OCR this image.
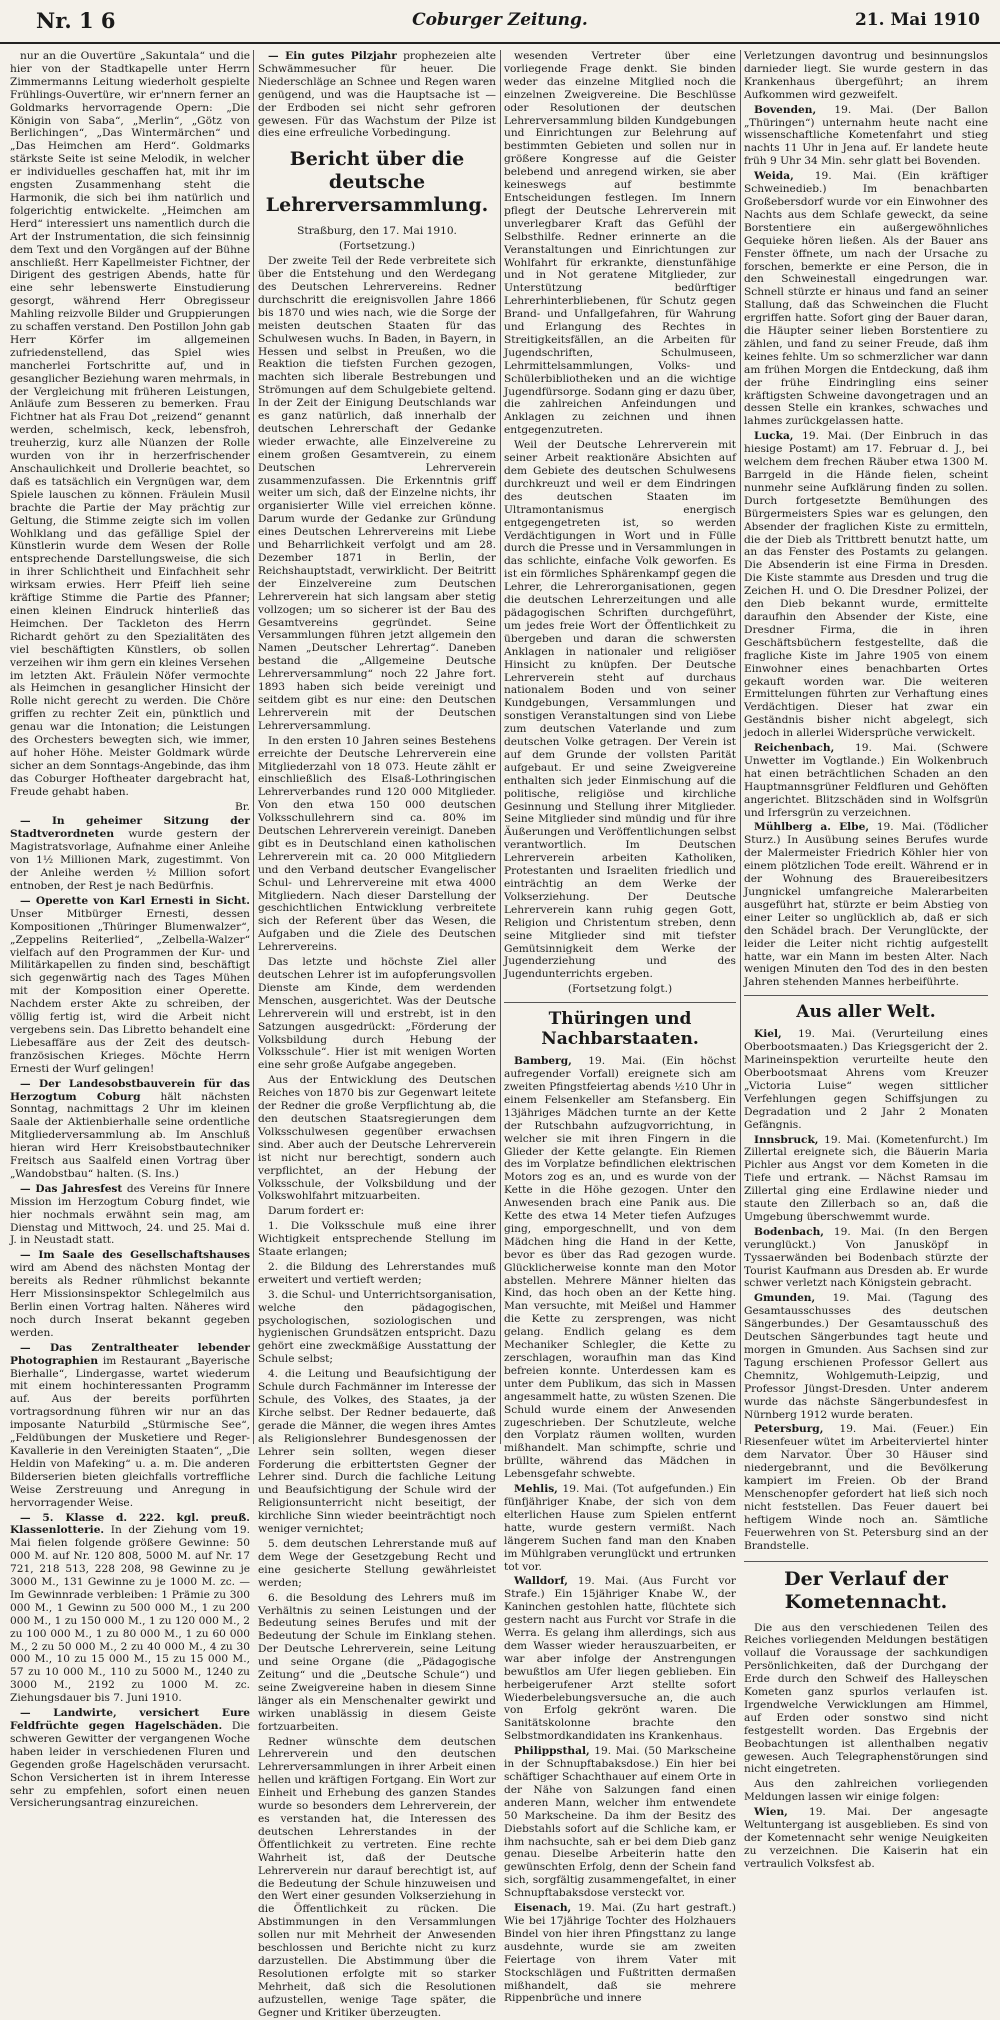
Nr. 1 6	Coburger Zeitung.	21. Mai 1910

nur an die Ouvertüre „Sakuntala“ und die hier von der Stadtkapelle unter Herrn Zimmermanns Leitung wiederholt gespielte Frühlings-Ouvertüre, wir er'nnern ferner an Goldmarks hervorragende Opern: „Die Königin von Saba“, „Merlin“, „Götz von Berlichingen“, „Das Wintermärchen“ und „Das Heimchen am Herd“. Goldmarks stärkste Seite ist seine Melodik, in welcher er individuelles geschaffen hat, mit ihr im engsten Zusammenhang steht die Harmonik, die sich bei ihm natürlich und folgerichtig entwickelte. „Heimchen am Herd“ interessiert uns namentlich durch die Art der Instrumentation, die sich feinsinnig dem Text und den Vorgängen auf der Bühne anschließt. Herr Kapellmeister Fichtner, der Dirigent des gestrigen Abends, hatte für eine sehr lebenswerte Einstudierung gesorgt, während Herr Obregisseur Mahling reizvolle Bilder und Gruppierungen zu schaffen verstand. Den Postillon John gab Herr Körfer im allgemeinen zufriedenstellend, das Spiel wies mancherlei Fortschritte auf, und in gesanglicher Beziehung waren mehrmals, in der Vergleichung mit früheren Leistungen, Anläufe zum Besseren zu bemerken. Frau Fichtner hat als Frau Dot „reizend“ genannt werden, schelmisch, keck, lebensfroh, treuherzig, kurz alle Nüanzen der Rolle wurden von ihr in herzerfrischender Anschaulichkeit und Drollerie beachtet, so daß es tatsächlich ein Vergnügen war, dem Spiele lauschen zu können. Fräulein Musil brachte die Partie der May prächtig zur Geltung, die Stimme zeigte sich im vollen Wohlklang und das gefällige Spiel der Künstlerin wurde dem Wesen der Rolle entsprechende Darstellungsweise, die sich in ihrer Schlichtheit und Einfachheit sehr wirksam erwies. Herr Pfeiff lieh seine kräftige Stimme die Partie des Pfanner; einen kleinen Eindruck hinterließ das Heimchen. Der Tackleton des Herrn Richardt gehört zu den Spezialitäten des viel beschäftigten Künstlers, ob sollen verzeihen wir ihm gern ein kleines Versehen im letzten Akt. Fräulein Nöfer vermochte als Heimchen in gesanglicher Hinsicht der Rolle nicht gerecht zu werden. Die Chöre griffen zu rechter Zeit ein, pünktlich und genau war die Intonation; die Leistungen des Orchesters bewegten sich, wie immer, auf hoher Höhe. Meister Goldmark würde sicher an dem Sonntags-Angebinde, das ihm das Coburger Hoftheater dargebracht hat, Freude gehabt haben.

Br.

— In geheimer Sitzung der Stadtverordneten wurde gestern der Magistratsvorlage, Aufnahme einer Anleihe von 1½ Millionen Mark, zugestimmt. Von der Anleihe werden ½ Million sofort entnoben, der Rest je nach Bedürfnis.

— Operette von Karl Ernesti in Sicht. Unser Mitbürger Ernesti, dessen Kompositionen „Thüringer Blumenwalzer“, „Zeppelins Reiterlied“, „Zelbella-Walzer“ vielfach auf den Programmen der Kur- und Militärkapellen zu finden sind, beschäftigt sich gegenwärtig nach des Tages Mühen mit der Komposition einer Operette. Nachdem erster Akte zu schreiben, der völlig fertig ist, wird die Arbeit nicht vergebens sein. Das Libretto behandelt eine Liebesaffäre aus der Zeit des deutsch-französischen Krieges. Möchte Herrn Ernesti der Wurf gelingen!

— Der Landesobstbauverein für das Herzogtum Coburg hält nächsten Sonntag, nachmittags 2 Uhr im kleinen Saale der Aktienbierhalle seine ordentliche Mitgliederversammlung ab. Im Anschluß hieran wird Herr Kreisobstbautechniker Freitsch aus Saalfeld einen Vortrag über „Wandobstbau“ halten. (S. Ins.)

— Das Jahresfest des Vereins für Innere Mission im Herzogtum Coburg findet, wie hier nochmals erwähnt sein mag, am Dienstag und Mittwoch, 24. und 25. Mai d. J. in Neustadt statt.

— Im Saale des Gesellschaftshauses wird am Abend des nächsten Montag der bereits als Redner rühmlichst bekannte Herr Missionsinspektor Schlegelmilch aus Berlin einen Vortrag halten. Näheres wird noch durch Inserat bekannt gegeben werden.

— Das Zentraltheater lebender Photographien im Restaurant „Bayerische Bierhalle“, Lindergasse, wartet wiederum mit einem hochinteressanten Programm auf. Aus der bereits porführten vortragsordnung führen wir nur an das imposante Naturbild „Stürmische See“, „Feldübungen der Musketiere und Reger-Kavallerie in den Vereinigten Staaten“, „Die Heldin von Mafeking“ u. a. m. Die anderen Bilderserien bieten gleichfalls vortreffliche Weise Zerstreuung und Anregung in hervorragender Weise.

— 5. Klasse d. 222. kgl. preuß. Klassenlotterie. In der Ziehung vom 19. Mai fielen folgende größere Gewinne: 50 000 M. auf Nr. 120 808, 5000 M. auf Nr. 17 721, 218 513, 228 208, 98 Gewinne zu je 3000 M., 131 Gewinne zu je 1000 M. zc. — Im Gewinnrade verbleiben: 1 Prämie zu 300 000 M., 1 Gewinn zu 500 000 M., 1 zu 200 000 M., 1 zu 150 000 M., 1 zu 120 000 M., 2 zu 100 000 M., 1 zu 80 000 M., 1 zu 60 000 M., 2 zu 50 000 M., 2 zu 40 000 M., 4 zu 30 000 M., 10 zu 15 000 M., 15 zu 15 000 M., 57 zu 10 000 M., 110 zu 5000 M., 1240 zu 3000 M., 2192 zu 1000 M. zc. Ziehungsdauer bis 7. Juni 1910.

— Landwirte, versichert Eure Feldfrüchte gegen Hagelschäden. Die schweren Gewitter der vergangenen Woche haben leider in verschiedenen Fluren und Gegenden große Hagelschäden verursacht. Schon Versicherten ist in ihrem Interesse sehr zu empfehlen, sofort einen neuen Versicherungsantrag einzureichen.

— Ein gutes Pilzjahr prophezeien alte Schwämmesucher für heuer. Die Niederschläge an Schnee und Regen waren genügend, und was die Hauptsache ist — der Erdboden sei nicht sehr gefroren gewesen. Für das Wachstum der Pilze ist dies eine erfreuliche Vorbedingung.

Bericht über die deutsche Lehrerversammlung.

Straßburg, den 17. Mai 1910.

(Fortsetzung.)

Der zweite Teil der Rede verbreitete sich über die Entstehung und den Werdegang des Deutschen Lehrervereins. Redner durchschritt die ereignisvollen Jahre 1866 bis 1870 und wies nach, wie die Sorge der meisten deutschen Staaten für das Schulwesen wuchs. In Baden, in Bayern, in Hessen und selbst in Preußen, wo die Reaktion die tiefsten Furchen gezogen, machten sich liberale Bestrebungen und Strömungen auf dem Schulgebiete geltend. In der Zeit der Einigung Deutschlands war es ganz natürlich, daß innerhalb der deutschen Lehrerschaft der Gedanke wieder erwachte, alle Einzelvereine zu einem großen Gesamtverein, zu einem Deutschen Lehrerverein zusammenzufassen. Die Erkenntnis griff weiter um sich, daß der Einzelne nichts, ihr organisierter Wille viel erreichen könne. Darum wurde der Gedanke zur Gründung eines Deutschen Lehrervereins mit Liebe und Beharrlichkeit verfolgt und am 28. Dezember 1871 in Berlin, der Reichshauptstadt, verwirklicht. Der Beitritt der Einzelvereine zum Deutschen Lehrerverein hat sich langsam aber stetig vollzogen; um so sicherer ist der Bau des Gesamtvereins gegründet. Seine Versammlungen führen jetzt allgemein den Namen „Deutscher Lehrertag“. Daneben bestand die „Allgemeine Deutsche Lehrerversammlung“ noch 22 Jahre fort. 1893 haben sich beide vereinigt und seitdem gibt es nur eine: den Deutschen Lehrerverein mit der Deutschen Lehrerversammlung.

In den ersten 10 Jahren seines Bestehens erreichte der Deutsche Lehrerverein eine Mitgliederzahl von 18 073. Heute zählt er einschließlich des Elsaß-Lothringischen Lehrerverbandes rund 120 000 Mitglieder. Von den etwa 150 000 deutschen Volksschullehrern sind ca. 80% im Deutschen Lehrerverein vereinigt. Daneben gibt es in Deutschland einen katholischen Lehrerverein mit ca. 20 000 Mitgliedern und den Verband deutscher Evangelischer Schul- und Lehrervereine mit etwa 4000 Mitgliedern. Nach dieser Darstellung der geschichtlichen Entwicklung verbreitete sich der Referent über das Wesen, die Aufgaben und die Ziele des Deutschen Lehrervereins.

Das letzte und höchste Ziel aller deutschen Lehrer ist im aufopferungsvollen Dienste am Kinde, dem werdenden Menschen, ausgerichtet. Was der Deutsche Lehrerverein will und erstrebt, ist in den Satzungen ausgedrückt: „Förderung der Volksbildung durch Hebung der Volksschule“. Hier ist mit wenigen Worten eine sehr große Aufgabe angegeben.

Aus der Entwicklung des Deutschen Reiches von 1870 bis zur Gegenwart leitete der Redner die große Verpflichtung ab, die den deutschen Staatsregierungen dem Volksschulwesen gegenüber erwachsen sind. Aber auch der Deutsche Lehrerverein ist nicht nur berechtigt, sondern auch verpflichtet, an der Hebung der Volksschule, der Volksbildung und der Volkswohlfahrt mitzuarbeiten.

Darum fordert er:

1. Die Volksschule muß eine ihrer Wichtigkeit entsprechende Stellung im Staate erlangen;

2. die Bildung des Lehrerstandes muß erweitert und vertieft werden;

3. die Schul- und Unterrichtsorganisation, welche den pädagogischen, psychologischen, soziologischen und hygienischen Grundsätzen entspricht. Dazu gehört eine zweckmäßige Ausstattung der Schule selbst;

4. die Leitung und Beaufsichtigung der Schule durch Fachmänner im Interesse der Schule, des Volkes, des Staates, ja der Kirche selbst. Der Redner bedauerte, daß gerade die Männer, die wegen ihres Amtes als Religionslehrer Bundesgenossen der Lehrer sein sollten, wegen dieser Forderung die erbittertsten Gegner der Lehrer sind. Durch die fachliche Leitung und Beaufsichtigung der Schule wird der Religionsunterricht nicht beseitigt, der kirchliche Sinn wieder beeinträchtigt noch weniger vernichtet;

5. dem deutschen Lehrerstande muß auf dem Wege der Gesetzgebung Recht und eine gesicherte Stellung gewährleistet werden;

6. die Besoldung des Lehrers muß im Verhältnis zu seinen Leistungen und der Bedeutung seines Berufes und mit der Bedeutung der Schule im Einklang stehen. Der Deutsche Lehrerverein, seine Leitung und seine Organe (die „Pädagogische Zeitung“ und die „Deutsche Schule“) und seine Zweigvereine haben in diesem Sinne länger als ein Menschenalter gewirkt und wirken unablässig in diesem Geiste fortzuarbeiten.

Redner wünschte dem deutschen Lehrerverein und den deutschen Lehrerversammlungen in ihrer Arbeit einen hellen und kräftigen Fortgang. Ein Wort zur Einheit und Erhebung des ganzen Standes wurde so besonders dem Lehrerverein, der es verstanden hat, die Interessen des deutschen Lehrerstandes in der Öffentlichkeit zu vertreten. Eine rechte Wahrheit ist, daß der Deutsche Lehrerverein nur darauf berechtigt ist, auf die Bedeutung der Schule hinzuweisen und den Wert einer gesunden Volkserziehung in die Öffentlichkeit zu rücken. Die Abstimmungen in den Versammlungen sollen nur mit Mehrheit der Anwesenden beschlossen und Berichte nicht zu kurz darzustellen. Die Abstimmung über die Resolutionen erfolgte mit so starker Mehrheit, daß sich die Resolutionen aufzustellen, wenige Tage später, die Gegner und Kritiker überzeugten.

wesenden Vertreter über eine vorliegende Frage denkt. Sie binden weder das einzelne Mitglied noch die einzelnen Zweigvereine. Die Beschlüsse oder Resolutionen der deutschen Lehrerversammlung bilden Kundgebungen und Einrichtungen zur Belehrung auf bestimmten Gebieten und sollen nur in größere Kongresse auf die Geister belebend und anregend wirken, sie aber keineswegs auf bestimmte Entscheidungen festlegen. Im Innern pflegt der Deutsche Lehrerverein mit unverlegbarer Kraft das Gefühl der Selbsthilfe. Redner erinnerte an die Veranstaltungen und Einrichtungen zur Wohlfahrt für erkrankte, dienstunfähige und in Not geratene Mitglieder, zur Unterstützung bedürftiger Lehrerhinterbliebenen, für Schutz gegen Brand- und Unfallgefahren, für Wahrung und Erlangung des Rechtes in Streitigkeitsfällen, an die Arbeiten für Jugendschriften, Schulmuseen, Lehrmittelsammlungen, Volks- und Schülerbibliotheken und an die wichtige Jugendfürsorge. Sodann ging er dazu über, die zahlreichen Anfeindungen und Anklagen zu zeichnen und ihnen entgegenzutreten.

Weil der Deutsche Lehrerverein mit seiner Arbeit reaktionäre Absichten auf dem Gebiete des deutschen Schulwesens durchkreuzt und weil er dem Eindringen des deutschen Staaten im Ultramontanismus energisch entgegengetreten ist, so werden Verdächtigungen in Wort und in Fülle durch die Presse und in Versammlungen in das schlichte, einfache Volk geworfen. Es ist ein förmliches Sphärenkampf gegen die Lehrer, die Lehrerorganisationen, gegen die deutschen Lehrerzeitungen und alle pädagogischen Schriften durchgeführt, um jedes freie Wort der Öffentlichkeit zu übergeben und daran die schwersten Anklagen in nationaler und religiöser Hinsicht zu knüpfen. Der Deutsche Lehrerverein steht auf durchaus nationalem Boden und von seiner Kundgebungen, Versammlungen und sonstigen Veranstaltungen sind von Liebe zum deutschen Vaterlande und zum deutschen Volke getragen. Der Verein ist auf dem Grunde der vollsten Parität aufgebaut. Er und seine Zweigvereine enthalten sich jeder Einmischung auf die politische, religiöse und kirchliche Gesinnung und Stellung ihrer Mitglieder. Seine Mitglieder sind mündig und für ihre Äußerungen und Veröffentlichungen selbst verantwortlich. Im Deutschen Lehrerverein arbeiten Katholiken, Protestanten und Israeliten friedlich und einträchtig an dem Werke der Volkserziehung. Der Deutsche Lehrerverein kann ruhig gegen Gott, Religion und Christentum streben, denn seine Mitglieder sind mit tiefster Gemütsinnigkeit dem Werke der Jugenderziehung und des Jugendunterrichts ergeben.

(Fortsetzung folgt.)

Thüringen und Nachbarstaaten.

Bamberg, 19. Mai. (Ein höchst aufregender Vorfall) ereignete sich am zweiten Pfingstfeiertag abends ½10 Uhr in einem Felsenkeller am Stefansberg. Ein 13jähriges Mädchen turnte an der Kette der Rutschbahn aufzugvorrichtung, in welcher sie mit ihren Fingern in die Glieder der Kette gelangte. Ein Riemen des im Vorplatze befindlichen elektrischen Motors zog es an, und es wurde von der Kette in die Höhe gezogen. Unter den Anwesenden brach eine Panik aus. Die Kette des etwa 14 Meter tiefen Aufzuges ging, emporgeschnellt, und von dem Mädchen hing die Hand in der Kette, bevor es über das Rad gezogen wurde. Glücklicherweise konnte man den Motor abstellen. Mehrere Männer hielten das Kind, das hoch oben an der Kette hing. Man versuchte, mit Meißel und Hammer die Kette zu zersprengen, was nicht gelang. Endlich gelang es dem Mechaniker Schlegler, die Kette zu zerschlagen, woraufhin man das Kind befreien konnte. Unterdessen kam es unter dem Publikum, das sich in Massen angesammelt hatte, zu wüsten Szenen. Die Schuld wurde einem der Anwesenden zugeschrieben. Der Schutzleute, welche den Vorplatz räumen wollten, wurden mißhandelt. Man schimpfte, schrie und brüllte, während das Mädchen in Lebensgefahr schwebte.

Mehlis, 19. Mai. (Tot aufgefunden.) Ein fünfjähriger Knabe, der sich von dem elterlichen Hause zum Spielen entfernt hatte, wurde gestern vermißt. Nach längerem Suchen fand man den Knaben im Mühlgraben verunglückt und ertrunken tot vor.

Walldorf, 19. Mai. (Aus Furcht vor Strafe.) Ein 15jähriger Knabe W., der Kaninchen gestohlen hatte, flüchtete sich gestern nacht aus Furcht vor Strafe in die Werra. Es gelang ihm allerdings, sich aus dem Wasser wieder herauszuarbeiten, er war aber infolge der Anstrengungen bewußtlos am Ufer liegen geblieben. Ein herbeigerufener Arzt stellte sofort Wiederbelebungsversuche an, die auch von Erfolg gekrönt waren. Die Sanitätskolonne brachte den Selbstmordkandidaten ins Krankenhaus.

Philippsthal, 19. Mai. (50 Markscheine in der Schnupftabaksdose.) Ein hier bei schäftiger Schachthauer auf einem Orte in der Nähe von Salzungen fand einen anderen Mann, welcher ihm entwendete 50 Markscheine. Da ihm der Besitz des Diebstahls sofort auf die Schliche kam, er ihm nachsuchte, sah er bei dem Dieb ganz genau. Dieselbe Arbeiterin hatte den gewünschten Erfolg, denn der Schein fand sich, sorgfältig zusammengefaltet, in einer Schnupftabaksdose versteckt vor.

Eisenach, 19. Mai. (Zu hart gestraft.) Wie bei 17jährige Tochter des Holzhauers Bindel von hier ihren Pfingsttanz zu lange ausdehnte, wurde sie am zweiten Feiertage von ihrem Vater mit Stockschlägen und Fußtritten dermaßen mißhandelt, daß sie mehrere Rippenbrüche und innere

Verletzungen davontrug und besinnungslos darnieder liegt. Sie wurde gestern in das Krankenhaus übergeführt; an ihrem Aufkommen wird gezweifelt.

Bovenden, 19. Mai. (Der Ballon „Thüringen“) unternahm heute nacht eine wissenschaftliche Kometenfahrt und stieg nachts 11 Uhr in Jena auf. Er landete heute früh 9 Uhr 34 Min. sehr glatt bei Bovenden.

Weida, 19. Mai. (Ein kräftiger Schweinedieb.) Im benachbarten Großebersdorf wurde vor ein Einwohner des Nachts aus dem Schlafe geweckt, da seine Borstentiere ein außergewöhnliches Gequieke hören ließen. Als der Bauer ans Fenster öffnete, um nach der Ursache zu forschen, bemerkte er eine Person, die in den Schweinestall eingedrungen war. Schnell stürzte er hinaus und fand an seiner Stallung, daß das Schweinchen die Flucht ergriffen hatte. Sofort ging der Bauer daran, die Häupter seiner lieben Borstentiere zu zählen, und fand zu seiner Freude, daß ihm keines fehlte. Um so schmerzlicher war dann am frühen Morgen die Entdeckung, daß ihm der frühe Eindringling eins seiner kräftigsten Schweine davongetragen und an dessen Stelle ein krankes, schwaches und lahmes zurückgelassen hatte.

Lucka, 19. Mai. (Der Einbruch in das hiesige Postamt) am 17. Februar d. J., bei welchem dem frechen Räuber etwa 1300 M. Barrgeld in die Hände fielen, scheint nunmehr seine Aufklärung finden zu sollen. Durch fortgesetzte Bemühungen des Bürgermeisters Spies war es gelungen, den Absender der fraglichen Kiste zu ermitteln, die der Dieb als Trittbrett benutzt hatte, um an das Fenster des Postamts zu gelangen. Die Absenderin ist eine Firma in Dresden. Die Kiste stammte aus Dresden und trug die Zeichen H. und O. Die Dresdner Polizei, der den Dieb bekannt wurde, ermittelte daraufhin den Absender der Kiste, eine Dresdner Firma, die in ihren Geschäftsbüchern festgestellte, daß die fragliche Kiste im Jahre 1905 von einem Einwohner eines benachbarten Ortes gekauft worden war. Die weiteren Ermittelungen führten zur Verhaftung eines Verdächtigen. Dieser hat zwar ein Geständnis bisher nicht abgelegt, sich jedoch in allerlei Widersprüche verwickelt.

Reichenbach, 19. Mai. (Schwere Unwetter im Vogtlande.) Ein Wolkenbruch hat einen beträchtlichen Schaden an den Hauptmannsgrüner Feldfluren und Gehöften angerichtet. Blitzschäden sind in Wolfsgrün und Irfersgrün zu verzeichnen.

Mühlberg a. Elbe, 19. Mai. (Tödlicher Sturz.) In Ausübung seines Berufes wurde der Malermeister Friedrich Köhler hier von einem plötzlichen Tode ereilt. Während er in der Wohnung des Brauereibesitzers Jungnickel umfangreiche Malerarbeiten ausgeführt hat, stürzte er beim Abstieg von einer Leiter so unglücklich ab, daß er sich den Schädel brach. Der Verunglückte, der leider die Leiter nicht richtig aufgestellt hatte, war ein Mann im besten Alter. Nach wenigen Minuten den Tod des in den besten Jahren stehenden Mannes herbeiführte.

Aus aller Welt.

Kiel, 19. Mai. (Verurteilung eines Oberbootsmaaten.) Das Kriegsgericht der 2. Marineinspektion verurteilte heute den Oberbootsmaat Ahrens vom Kreuzer „Victoria Luise“ wegen sittlicher Verfehlungen gegen Schiffsjungen zu Degradation und 2 Jahr 2 Monaten Gefängnis.

Innsbruck, 19. Mai. (Kometenfurcht.) Im Zillertal ereignete sich, die Bäuerin Maria Pichler aus Angst vor dem Kometen in die Tiefe und ertrank. — Nächst Ramsau im Zillertal ging eine Erdlawine nieder und staute den Zillerbach so an, daß die Umgebung überschwemmt wurde.

Bodenbach, 19. Mai. (In den Bergen verunglückt.) Von Janusköpf in Tyssaerwänden bei Bodenbach stürzte der Tourist Kaufmann aus Dresden ab. Er wurde schwer verletzt nach Königstein gebracht.

Gmunden, 19. Mai. (Tagung des Gesamtausschusses des deutschen Sängerbundes.) Der Gesamtausschuß des Deutschen Sängerbundes tagt heute und morgen in Gmunden. Aus Sachsen sind zur Tagung erschienen Professor Gellert aus Chemnitz, Wohlgemuth-Leipzig, und Professor Jüngst-Dresden. Unter anderem wurde das nächste Sängerbundesfest in Nürnberg 1912 wurde beraten.

Petersburg, 19. Mai. (Feuer.) Ein Riesenfeuer wütet im Arbeiterviertel hinter dem Narvator. Über 30 Häuser sind niedergebrannt, und die Bevölkerung kampiert im Freien. Ob der Brand Menschenopfer gefordert hat ließ sich noch nicht feststellen. Das Feuer dauert bei heftigem Winde noch an. Sämtliche Feuerwehren von St. Petersburg sind an der Brandstelle.

Der Verlauf der Kometennacht.

Die aus den verschiedenen Teilen des Reiches vorliegenden Meldungen bestätigen vollauf die Voraussage der sachkundigen Persönlichkeiten, daß der Durchgang der Erde durch den Schweif des Halleyschen Kometen ganz spurlos verlaufen ist. Irgendwelche Verwicklungen am Himmel, auf Erden oder sonstwo sind nicht festgestellt worden. Das Ergebnis der Beobachtungen ist allenthalben negativ gewesen. Auch Telegraphenstörungen sind nicht eingetreten.

Aus den zahlreichen vorliegenden Meldungen lassen wir einige folgen:

Wien, 19. Mai. Der angesagte Weltuntergang ist ausgeblieben. Es sind von der Kometennacht sehr wenige Neuigkeiten zu verzeichnen. Die Kaiserin hat ein vertraulich Volksfest ab.
